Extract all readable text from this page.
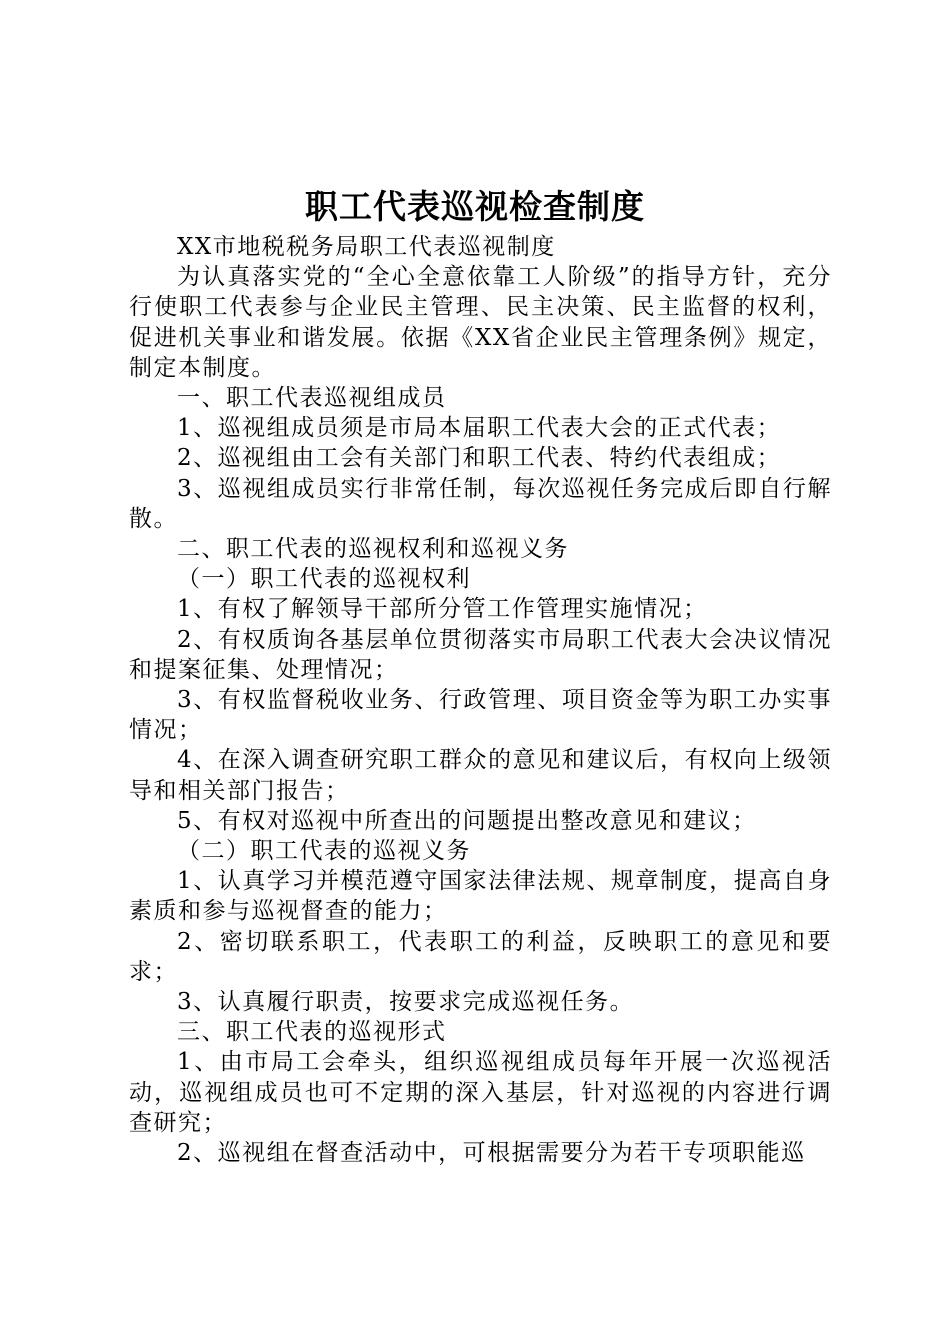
职工代表巡视检查制度

XX市地税税务局职工代表巡视制度

为认真落实党的“全心全意依靠工人阶级”的指导方针，充分行使职工代表参与企业民主管理、民主决策、民主监督的权利，促进机关事业和谐发展。依据《XX省企业民主管理条例》规定，制定本制度。

一、职工代表巡视组成员

1、巡视组成员须是市局本届职工代表大会的正式代表；

2、巡视组由工会有关部门和职工代表、特约代表组成；

3、巡视组成员实行非常任制，每次巡视任务完成后即自行解散。

二、职工代表的巡视权利和巡视义务

（一）职工代表的巡视权利

1、有权了解领导干部所分管工作管理实施情况；

2、有权质询各基层单位贯彻落实市局职工代表大会决议情况和提案征集、处理情况；

3、有权监督税收业务、行政管理、项目资金等为职工办实事情况；

4、在深入调查研究职工群众的意见和建议后，有权向上级领导和相关部门报告；

5、有权对巡视中所查出的问题提出整改意见和建议；

（二）职工代表的巡视义务

1、认真学习并模范遵守国家法律法规、规章制度，提高自身素质和参与巡视督查的能力；

2、密切联系职工，代表职工的利益，反映职工的意见和要求；

3、认真履行职责，按要求完成巡视任务。

三、职工代表的巡视形式

1、由市局工会牵头，组织巡视组成员每年开展一次巡视活动，巡视组成员也可不定期的深入基层，针对巡视的内容进行调查研究；

2、巡视组在督查活动中，可根据需要分为若干专项职能巡
